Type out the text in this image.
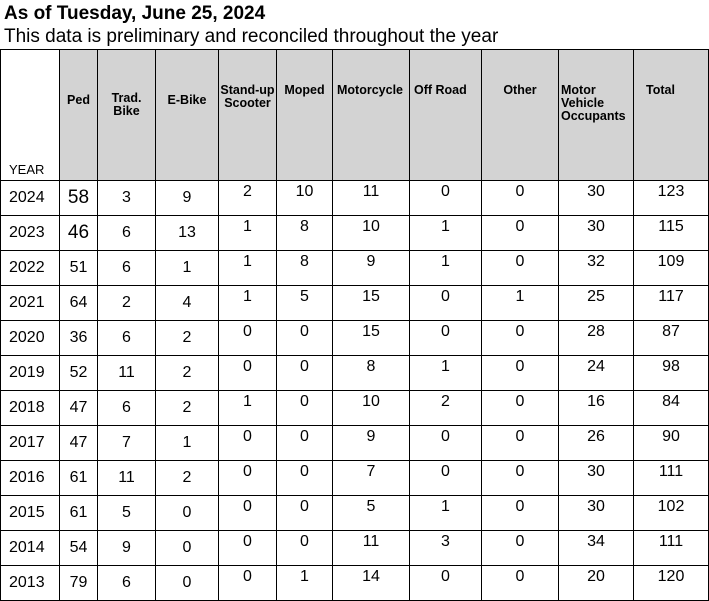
As of Tuesday, June 25, 2024
This data is preliminary and reconciled throughout the year
YEAR	Ped	Trad. Bike	E-Bike	Stand-up Scooter	Moped	Motorcycle	Off Road	Other	Motor Vehicle Occupants	Total
2024	58	3	9	2	10	11	0	0	30	123
2023	46	6	13	1	8	10	1	0	30	115
2022	51	6	1	1	8	9	1	0	32	109
2021	64	2	4	1	5	15	0	1	25	117
2020	36	6	2	0	0	15	0	0	28	87
2019	52	11	2	0	0	8	1	0	24	98
2018	47	6	2	1	0	10	2	0	16	84
2017	47	7	1	0	0	9	0	0	26	90
2016	61	11	2	0	0	7	0	0	30	111
2015	61	5	0	0	0	5	1	0	30	102
2014	54	9	0	0	0	11	3	0	34	111
2013	79	6	0	0	1	14	0	0	20	120
